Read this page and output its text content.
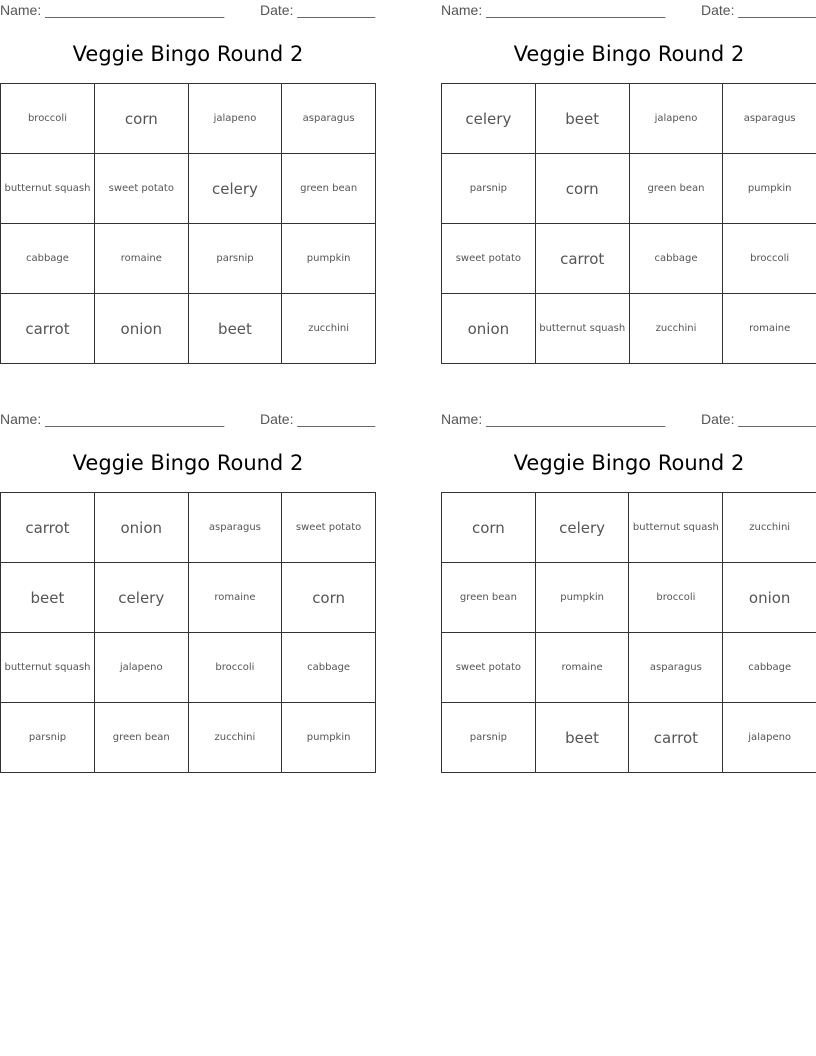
Name: _______________________	Date: __________
Veggie Bingo Round 2
broccoli	corn	jalapeno	asparagus
butternut squash	sweet potato	celery	green bean
cabbage	romaine	parsnip	pumpkin
carrot	onion	beet	zucchini
Name: _______________________	Date: __________
Veggie Bingo Round 2
celery	beet	jalapeno	asparagus
parsnip	corn	green bean	pumpkin
sweet potato	carrot	cabbage	broccoli
onion	butternut squash	zucchini	romaine
Name: _______________________	Date: __________
Veggie Bingo Round 2
carrot	onion	asparagus	sweet potato
beet	celery	romaine	corn
butternut squash	jalapeno	broccoli	cabbage
parsnip	green bean	zucchini	pumpkin
Name: _______________________	Date: __________
Veggie Bingo Round 2
corn	celery	butternut squash	zucchini
green bean	pumpkin	broccoli	onion
sweet potato	romaine	asparagus	cabbage
parsnip	beet	carrot	jalapeno
